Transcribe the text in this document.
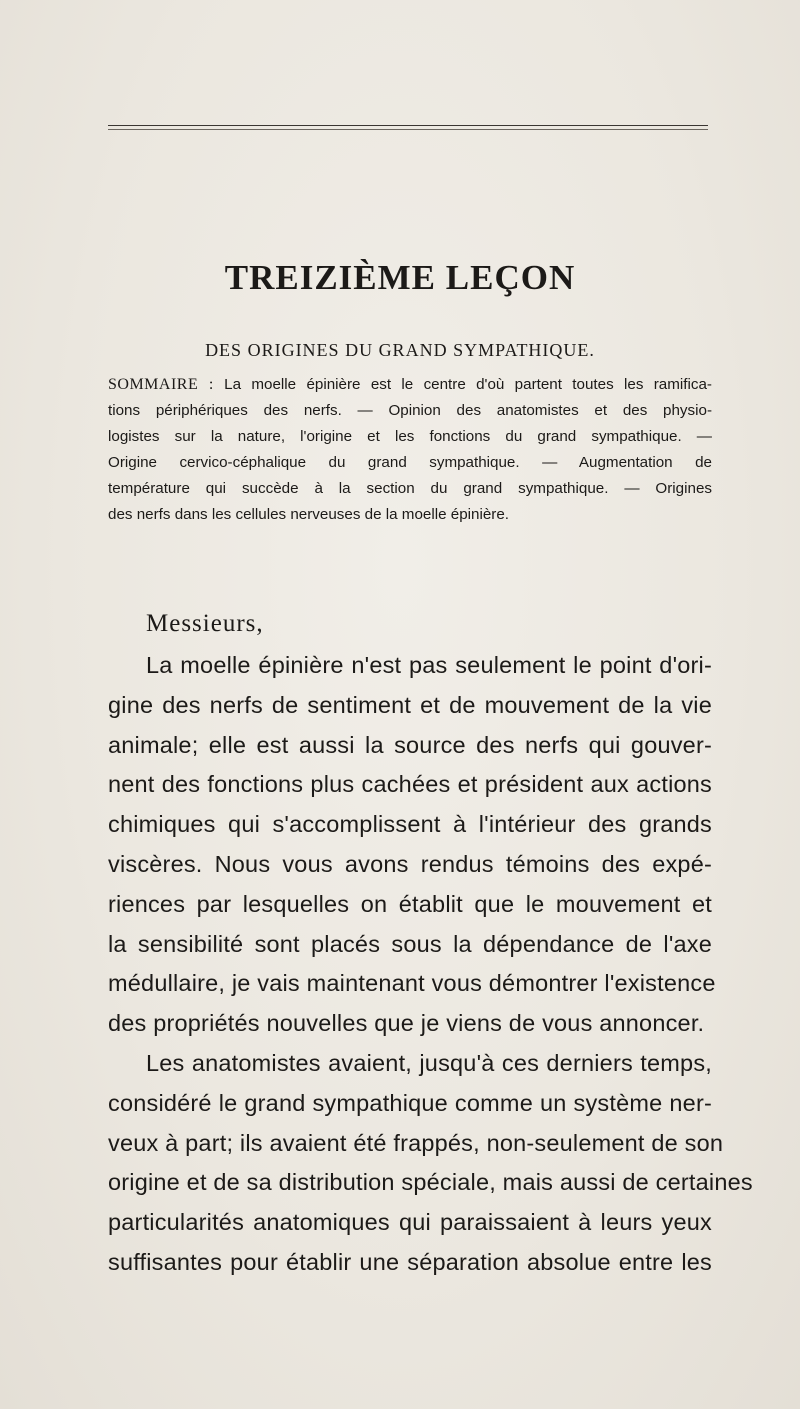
TREIZIÈME LEÇON
DES ORIGINES DU GRAND SYMPATHIQUE.
SOMMAIRE : La moelle épinière est le centre d'où partent toutes les ramifica-
tions périphériques des nerfs. — Opinion des anatomistes et des physio-
logistes sur la nature, l'origine et les fonctions du grand sympathique. —
Origine cervico-céphalique du grand sympathique. — Augmentation de
température qui succède à la section du grand sympathique. — Origines
des nerfs dans les cellules nerveuses de la moelle épinière.
Messieurs,
La moelle épinière n'est pas seulement le point d'ori-
gine des nerfs de sentiment et de mouvement de la vie
animale; elle est aussi la source des nerfs qui gouver-
nent des fonctions plus cachées et président aux actions
chimiques qui s'accomplissent à l'intérieur des grands
viscères. Nous vous avons rendus témoins des expé-
riences par lesquelles on établit que le mouvement et
la sensibilité sont placés sous la dépendance de l'axe
médullaire, je vais maintenant vous démontrer l'existence
des propriétés nouvelles que je viens de vous annoncer.
Les anatomistes avaient, jusqu'à ces derniers temps,
considéré le grand sympathique comme un système ner-
veux à part; ils avaient été frappés, non-seulement de son
origine et de sa distribution spéciale, mais aussi de certaines
particularités anatomiques qui paraissaient à leurs yeux
suffisantes pour établir une séparation absolue entre les
